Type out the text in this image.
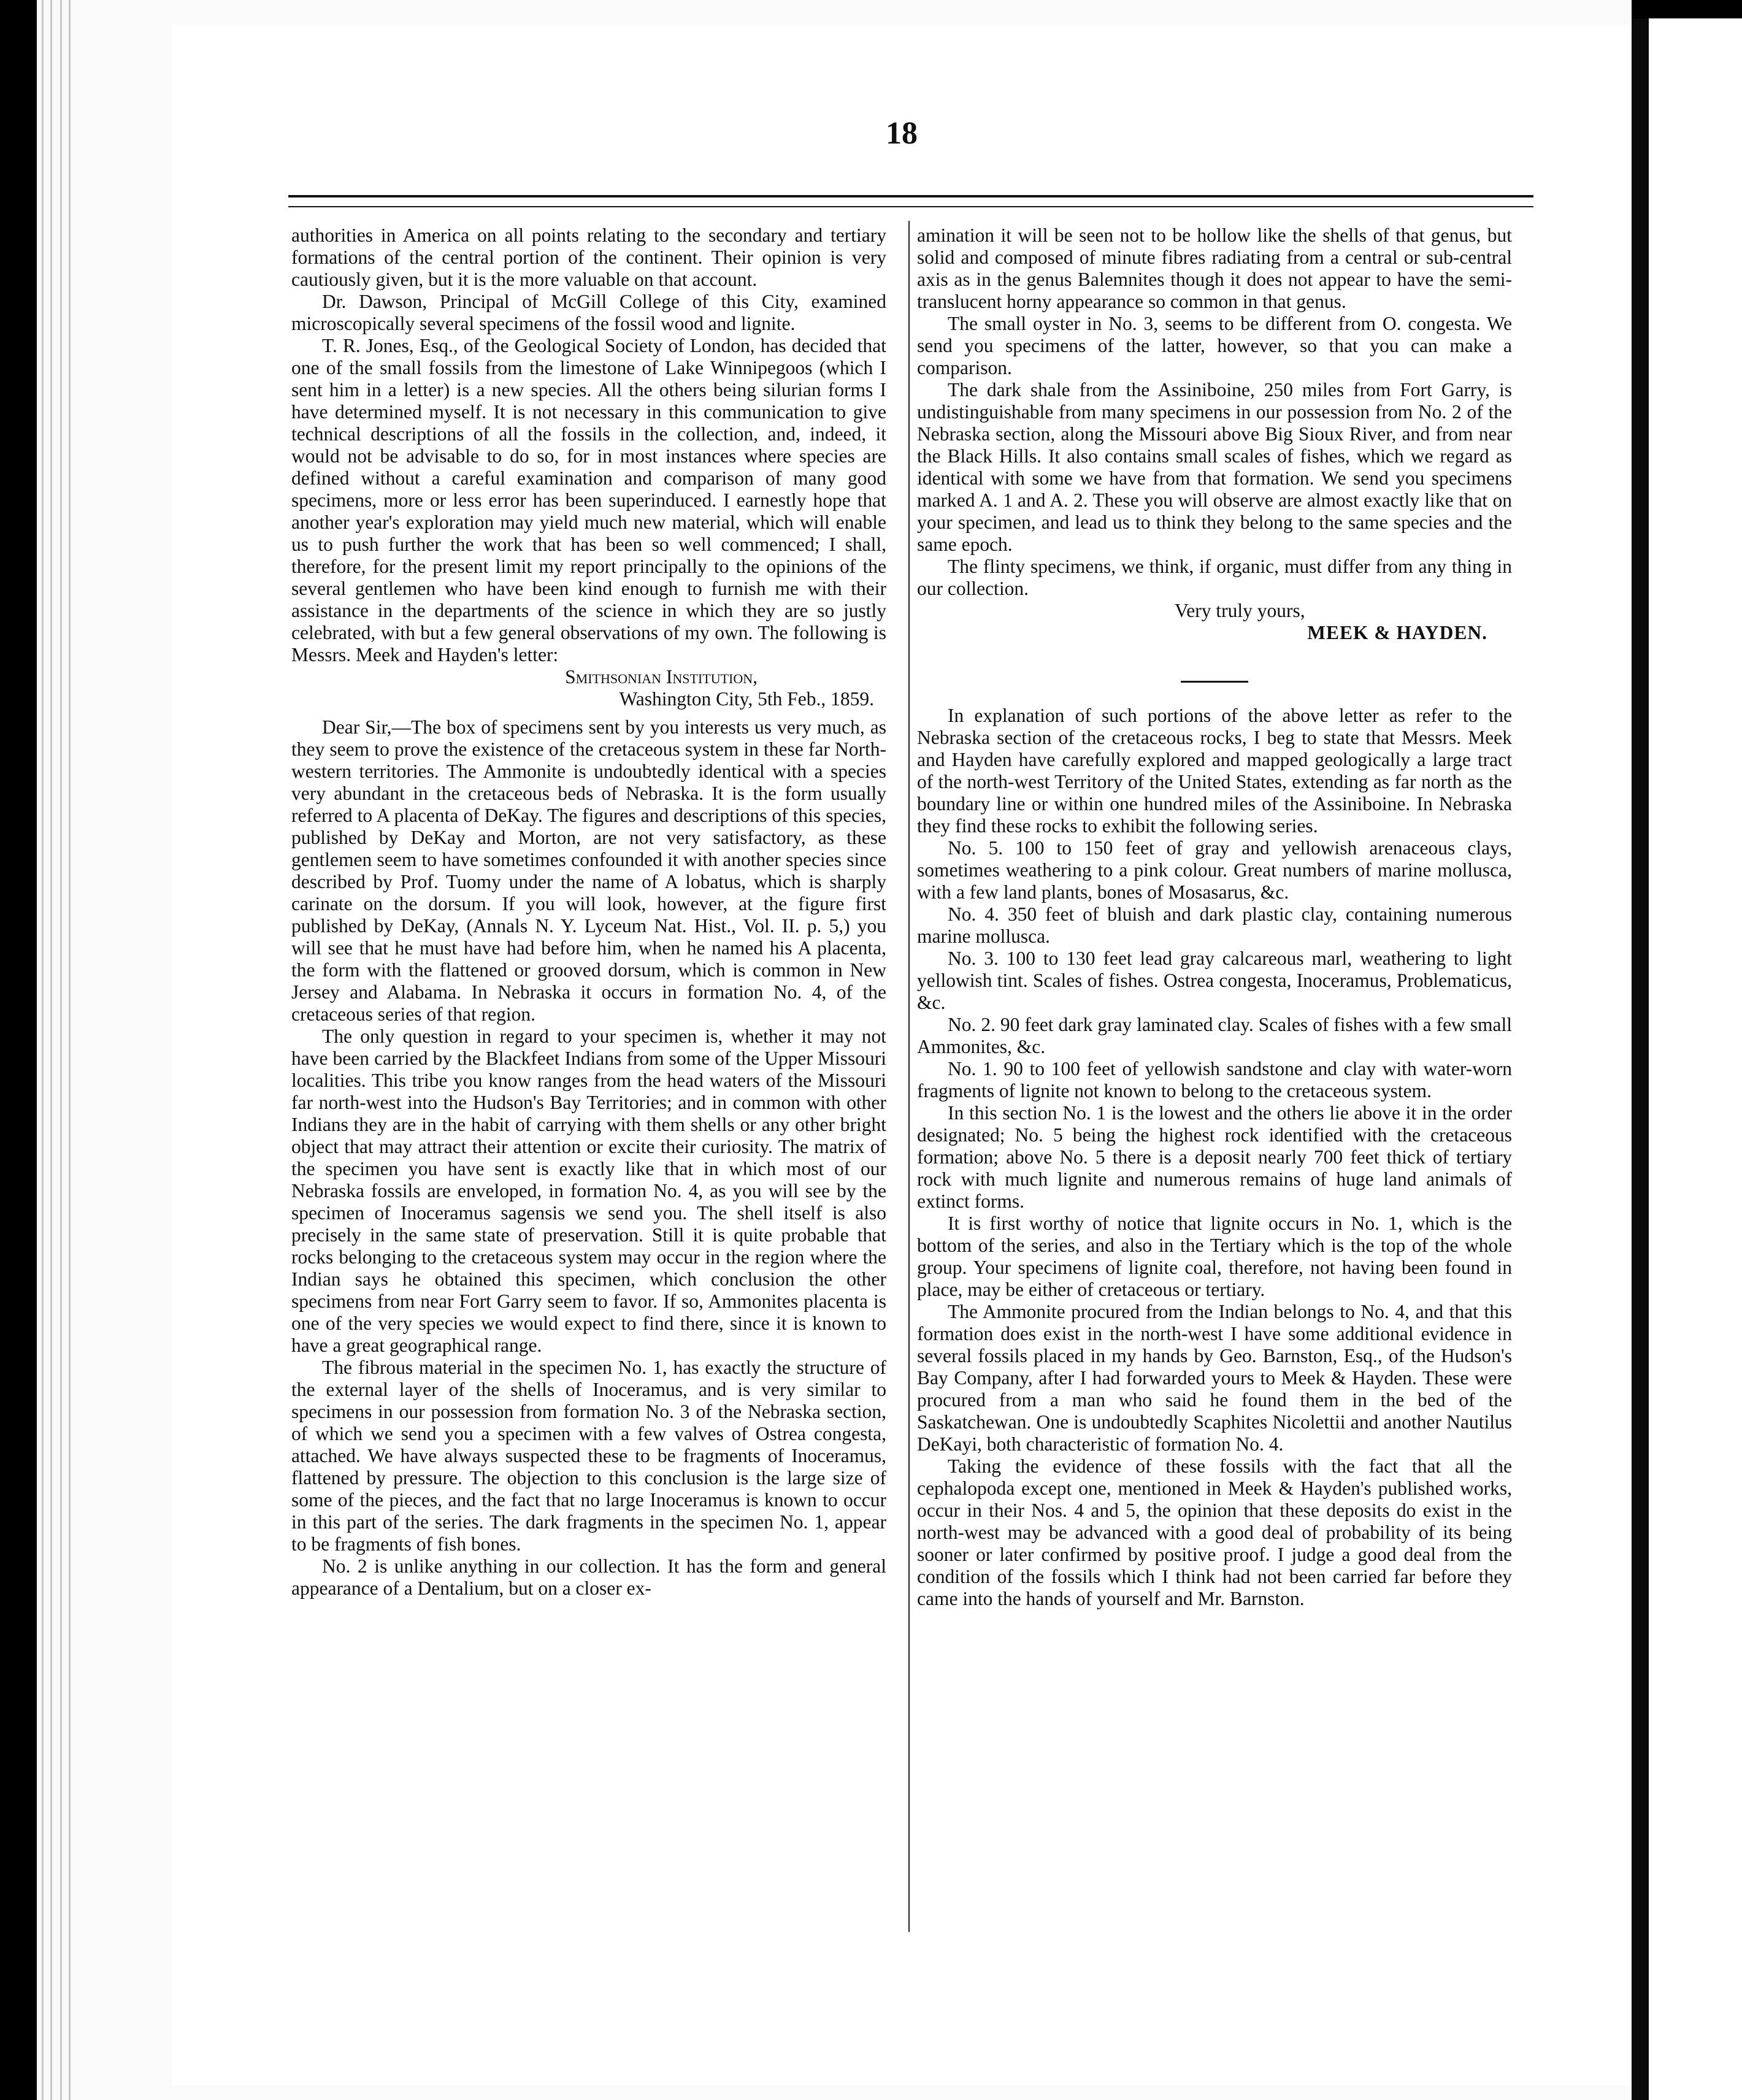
18

authorities in America on all points relating to the secondary and tertiary formations of the central portion of the continent. Their opinion is very cautiously given, but it is the more valuable on that account.

Dr. Dawson, Principal of McGill College of this City, examined microscopically several specimens of the fossil wood and lignite.

T. R. Jones, Esq., of the Geological Society of London, has decided that one of the small fossils from the limestone of Lake Winnipegoos (which I sent him in a letter) is a new species. All the others being silurian forms I have determined myself. It is not necessary in this communication to give technical descriptions of all the fossils in the collection, and, indeed, it would not be advisable to do so, for in most instances where species are defined without a careful examination and comparison of many good specimens, more or less error has been superinduced. I earnestly hope that another year's exploration may yield much new material, which will enable us to push further the work that has been so well commenced; I shall, therefore, for the present limit my report principally to the opinions of the several gentlemen who have been kind enough to furnish me with their assistance in the departments of the science in which they are so justly celebrated, with but a few general observations of my own. The following is Messrs. Meek and Hayden's letter:

Smithsonian Institution,

Washington City, 5th Feb., 1859.

Dear Sir,—The box of specimens sent by you interests us very much, as they seem to prove the existence of the cretaceous system in these far North-western territories. The Ammonite is undoubtedly identical with a species very abundant in the cretaceous beds of Nebraska. It is the form usually referred to A placenta of DeKay. The figures and descriptions of this species, published by DeKay and Morton, are not very satisfactory, as these gentlemen seem to have sometimes confounded it with another species since described by Prof. Tuomy under the name of A lobatus, which is sharply carinate on the dorsum. If you will look, however, at the figure first published by DeKay, (Annals N. Y. Lyceum Nat. Hist., Vol. II. p. 5,) you will see that he must have had before him, when he named his A placenta, the form with the flattened or grooved dorsum, which is common in New Jersey and Alabama. In Nebraska it occurs in formation No. 4, of the cretaceous series of that region.

The only question in regard to your specimen is, whether it may not have been carried by the Blackfeet Indians from some of the Upper Missouri localities. This tribe you know ranges from the head waters of the Missouri far north-west into the Hudson's Bay Territories; and in common with other Indians they are in the habit of carrying with them shells or any other bright object that may attract their attention or excite their curiosity. The matrix of the specimen you have sent is exactly like that in which most of our Nebraska fossils are enveloped, in formation No. 4, as you will see by the specimen of Inoceramus sagensis we send you. The shell itself is also precisely in the same state of preservation. Still it is quite probable that rocks belonging to the cretaceous system may occur in the region where the Indian says he obtained this specimen, which conclusion the other specimens from near Fort Garry seem to favor. If so, Ammonites placenta is one of the very species we would expect to find there, since it is known to have a great geographical range.

The fibrous material in the specimen No. 1, has exactly the structure of the external layer of the shells of Inoceramus, and is very similar to specimens in our possession from formation No. 3 of the Nebraska section, of which we send you a specimen with a few valves of Ostrea congesta, attached. We have always suspected these to be fragments of Inoceramus, flattened by pressure. The objection to this conclusion is the large size of some of the pieces, and the fact that no large Inoceramus is known to occur in this part of the series. The dark fragments in the specimen No. 1, appear to be fragments of fish bones.

No. 2 is unlike anything in our collection. It has the form and general appearance of a Dentalium, but on a closer ex-

amination it will be seen not to be hollow like the shells of that genus, but solid and composed of minute fibres radiating from a central or sub-central axis as in the genus Balemnites though it does not appear to have the semi-translucent horny appearance so common in that genus.

The small oyster in No. 3, seems to be different from O. congesta. We send you specimens of the latter, however, so that you can make a comparison.

The dark shale from the Assiniboine, 250 miles from Fort Garry, is undistinguishable from many specimens in our possession from No. 2 of the Nebraska section, along the Missouri above Big Sioux River, and from near the Black Hills. It also contains small scales of fishes, which we regard as identical with some we have from that formation. We send you specimens marked A. 1 and A. 2. These you will observe are almost exactly like that on your specimen, and lead us to think they belong to the same species and the same epoch.

The flinty specimens, we think, if organic, must differ from any thing in our collection.

Very truly yours,

MEEK & HAYDEN.

In explanation of such portions of the above letter as refer to the Nebraska section of the cretaceous rocks, I beg to state that Messrs. Meek and Hayden have carefully explored and mapped geologically a large tract of the north-west Territory of the United States, extending as far north as the boundary line or within one hundred miles of the Assiniboine. In Nebraska they find these rocks to exhibit the following series.

No. 5. 100 to 150 feet of gray and yellowish arenaceous clays, sometimes weathering to a pink colour. Great numbers of marine mollusca, with a few land plants, bones of Mosasarus, &c.

No. 4. 350 feet of bluish and dark plastic clay, containing numerous marine mollusca.

No. 3. 100 to 130 feet lead gray calcareous marl, weathering to light yellowish tint. Scales of fishes. Ostrea congesta, Inoceramus, Problematicus, &c.

No. 2. 90 feet dark gray laminated clay. Scales of fishes with a few small Ammonites, &c.

No. 1. 90 to 100 feet of yellowish sandstone and clay with water-worn fragments of lignite not known to belong to the cretaceous system.

In this section No. 1 is the lowest and the others lie above it in the order designated; No. 5 being the highest rock identified with the cretaceous formation; above No. 5 there is a deposit nearly 700 feet thick of tertiary rock with much lignite and numerous remains of huge land animals of extinct forms.

It is first worthy of notice that lignite occurs in No. 1, which is the bottom of the series, and also in the Tertiary which is the top of the whole group. Your specimens of lignite coal, therefore, not having been found in place, may be either of cretaceous or tertiary.

The Ammonite procured from the Indian belongs to No. 4, and that this formation does exist in the north-west I have some additional evidence in several fossils placed in my hands by Geo. Barnston, Esq., of the Hudson's Bay Company, after I had forwarded yours to Meek & Hayden. These were procured from a man who said he found them in the bed of the Saskatchewan. One is undoubtedly Scaphites Nicolettii and another Nautilus DeKayi, both characteristic of formation No. 4.

Taking the evidence of these fossils with the fact that all the cephalopoda except one, mentioned in Meek & Hayden's published works, occur in their Nos. 4 and 5, the opinion that these deposits do exist in the north-west may be advanced with a good deal of probability of its being sooner or later confirmed by positive proof. I judge a good deal from the condition of the fossils which I think had not been carried far before they came into the hands of yourself and Mr. Barnston.
